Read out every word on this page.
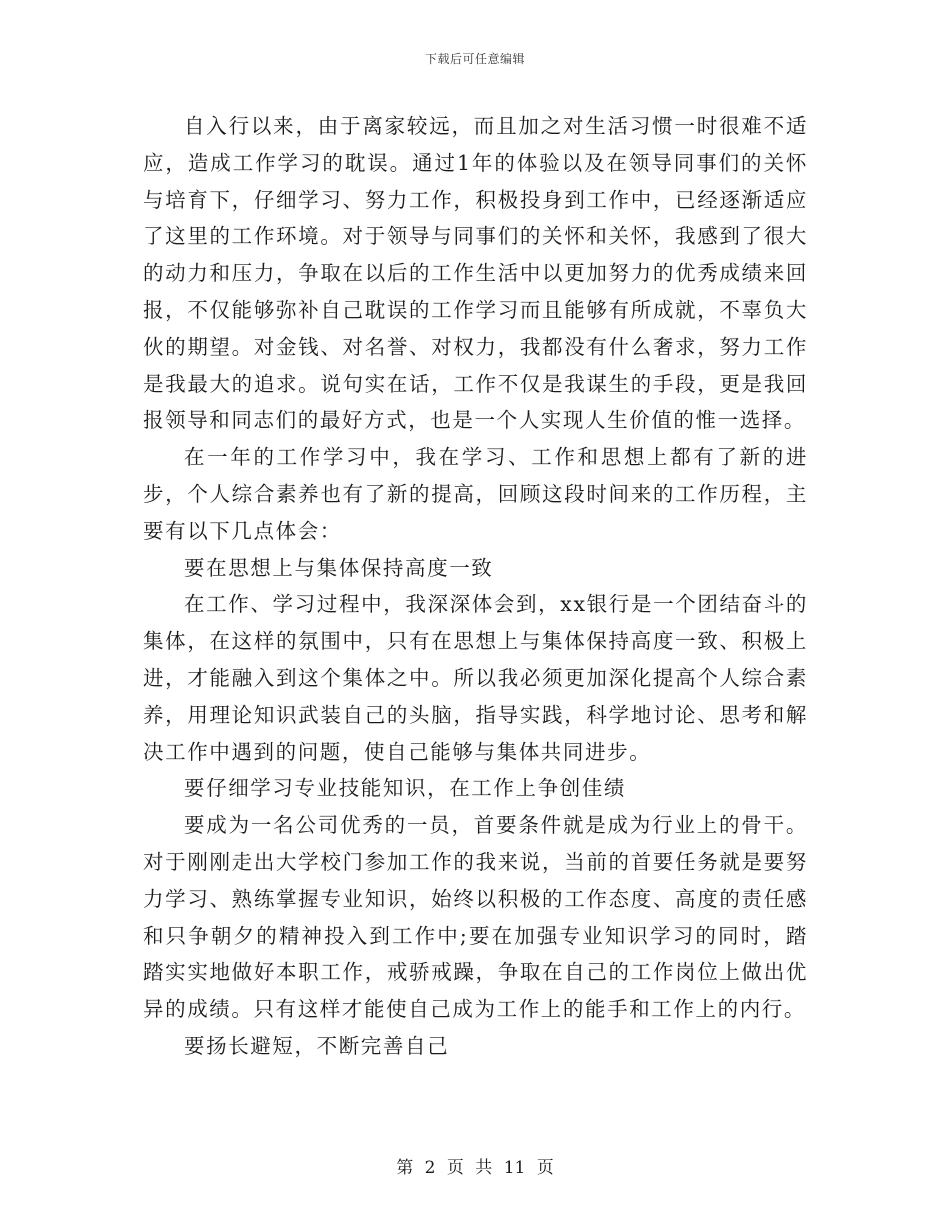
下载后可任意编辑

自入行以来，由于离家较远，而且加之对生活习惯一时很难不适应，造成工作学习的耽误。通过1年的体验以及在领导同事们的关怀与培育下，仔细学习、努力工作，积极投身到工作中，已经逐渐适应了这里的工作环境。对于领导与同事们的关怀和关怀，我感到了很大的动力和压力，争取在以后的工作生活中以更加努力的优秀成绩来回报，不仅能够弥补自己耽误的工作学习而且能够有所成就，不辜负大伙的期望。对金钱、对名誉、对权力，我都没有什么奢求，努力工作是我最大的追求。说句实在话，工作不仅是我谋生的手段，更是我回报领导和同志们的最好方式，也是一个人实现人生价值的惟一选择。

在一年的工作学习中，我在学习、工作和思想上都有了新的进步，个人综合素养也有了新的提高，回顾这段时间来的工作历程，主要有以下几点体会：

要在思想上与集体保持高度一致

在工作、学习过程中，我深深体会到，xx银行是一个团结奋斗的集体，在这样的氛围中，只有在思想上与集体保持高度一致、积极上进，才能融入到这个集体之中。所以我必须更加深化提高个人综合素养，用理论知识武装自己的头脑，指导实践，科学地讨论、思考和解决工作中遇到的问题，使自己能够与集体共同进步。

要仔细学习专业技能知识，在工作上争创佳绩

要成为一名公司优秀的一员，首要条件就是成为行业上的骨干。对于刚刚走出大学校门参加工作的我来说，当前的首要任务就是要努力学习、熟练掌握专业知识，始终以积极的工作态度、高度的责任感和只争朝夕的精神投入到工作中;要在加强专业知识学习的同时，踏踏实实地做好本职工作，戒骄戒躁，争取在自己的工作岗位上做出优异的成绩。只有这样才能使自己成为工作上的能手和工作上的内行。

要扬长避短，不断完善自己

第 2 页 共 11 页
